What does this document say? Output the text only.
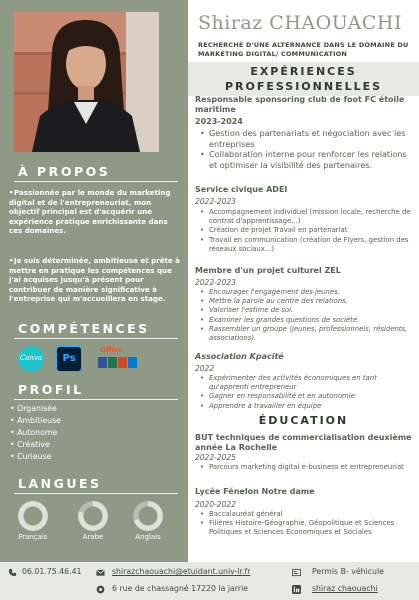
À PROPOS
•Passionnée par le monde du marketing digital et de l'entrepreneuriat, mon objectif principal est d'acquérir une expérience pratique enrichissante dans ces domaines.
•Je suis déterminée, ambitieuse et prête à mettre en pratique les compétences que j'ai acquises jusqu'à présent pour contribuer de manière significative à l'entreprise qui m'accueillera en stage.
COMPÉTENCES
Canva	Ps
Office
PROFIL
• Organisée
• Ambitieuse
• Autonome
• Créative
• Curieuse
LANGUES
Français	Arabe	Anglais
Shiraz CHAOUACHI
RECHERCHE D'UNE ALTERNANCE DANS LE DOMAINE DU MARKETING DIGITAL/ COMMUNICATION
EXPÉRIENCES PROFESSIONNELLES
Responsable sponsoring club de foot FC étoile maritime
2023-2024
• Gestion des partenariats et négociation avec les entreprises
• Collaboration interne pour renforcer les relations et optimiser la visibilité des partenaires.
Service civique ADEI
2022-2023
• Accompagnement individuel (mission locale, recherche de contrat d'apprentissage...)
• Création de projet Travail en partenariat
• Travail en communication (création de Flyers, gestion des réseaux sociaux...)
Membre d'un projet culturel ZEL
2022-2023
• Encourager l'engagement des jeunes.
• Mettre la parole au centre des relations.
• Valoriser l'estime de soi.
• Examiner les grandes questions de société.
• Rassembler un groupe (jeunes, professionnels, résidents, associations).
Association Kpacité
2022
• Expérimenter des activités économiques en tant qu'apprenti entrepreneur
• Gagner en responsabilité et en autonomie
• Apprendre à travailler en équipe
ÉDUCATION
BUT techniques de commercialisation deuxième année La Rochelle
2022-2025
• Parcours marketing digital e-business et entrepreneuriat
Lycée Fénelon Notre dame
2020-2022
• Baccalauréat général
• Filières Histoire-Géographie, Géopolitique et Sciences Politiques et Sciences Économiques et Sociales
06.01.75.46.41	shirazchaouachi@etuidant.univ-lr.fr
6 rue de chassagné 17220 la jarrie
Permis B- véhicule
shiraz chaouachi
